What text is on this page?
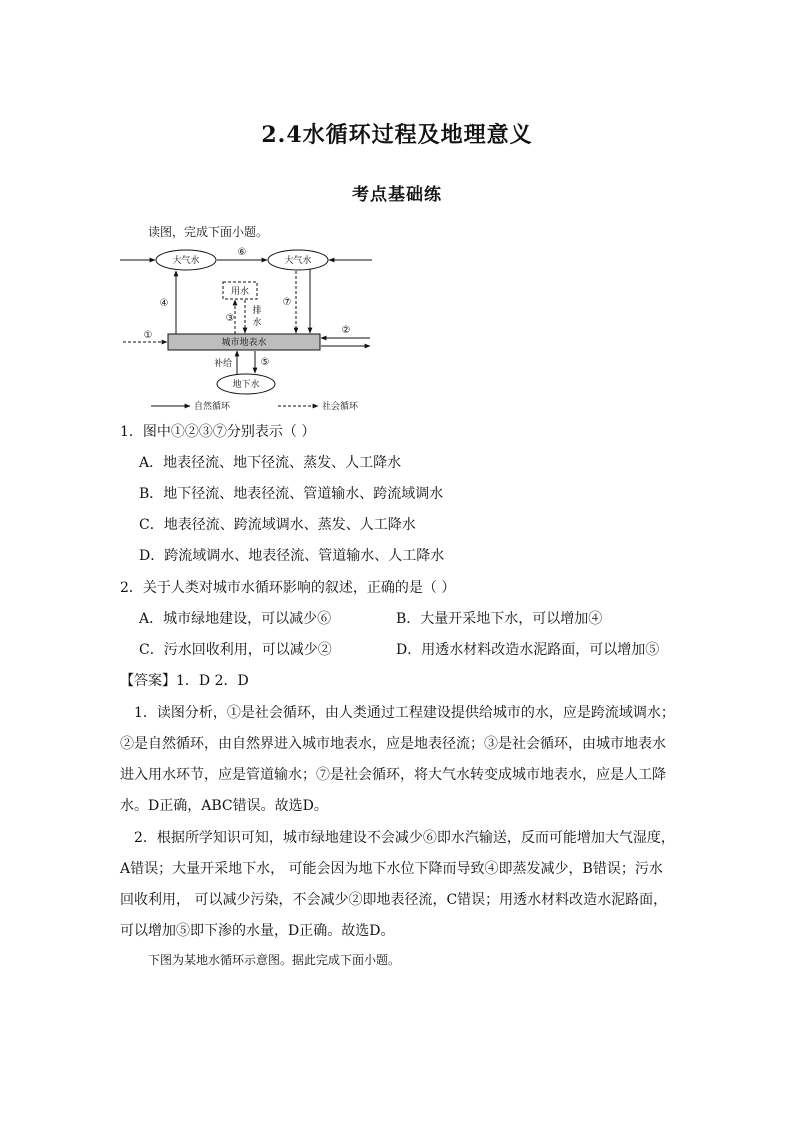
2.4水循环过程及地理意义
考点基础练
读图，完成下面小题。
大气水	大气水
⑥
用水
城市地表水
④	⑦
③
排
水
①	②
地下水
补给	⑤
自然循环	社会循环
1．图中①②③⑦分别表示（ ）
A．地表径流、地下径流、蒸发、人工降水
B．地下径流、地表径流、管道输水、跨流域调水
C．地表径流、跨流域调水、蒸发、人工降水
D．跨流域调水、地表径流、管道输水、人工降水
2．关于人类对城市水循环影响的叙述，正确的是（ ）
A．城市绿地建设，可以减少⑥	B．大量开采地下水，可以增加④
C．污水回收利用，可以减少②	D．用透水材料改造水泥路面，可以增加⑤
【答案】1．D 2．D
1．读图分析，①是社会循环，由人类通过工程建设提供给城市的水，应是跨流域调水；
②是自然循环，由自然界进入城市地表水，应是地表径流；③是社会循环，由城市地表水
进入用水环节，应是管道输水；⑦是社会循环，将大气水转变成城市地表水，应是人工降
水。D正确，ABC错误。故选D。
2．根据所学知识可知，城市绿地建设不会减少⑥即水汽输送，反而可能增加大气湿度，
A错误；大量开采地下水， 可能会因为地下水位下降而导致④即蒸发减少，B错误；污水
回收利用， 可以减少污染，不会减少②即地表径流，C错误；用透水材料改造水泥路面，
可以增加⑤即下渗的水量，D正确。故选D。
下图为某地水循环示意图。据此完成下面小题。
